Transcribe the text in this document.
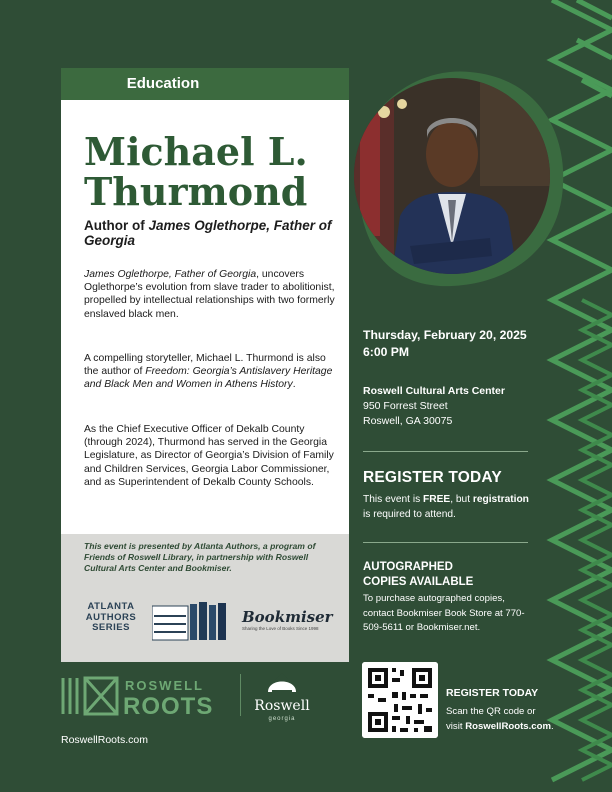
Education
Michael L.
Thurmond
Author of James Oglethorpe, Father of Georgia
James Oglethorpe, Father of Georgia, uncovers Oglethorpe’s evolution from slave trader to abolitionist, propelled by intellectual relationships with two formerly enslaved black men.
A compelling storyteller, Michael L. Thurmond is also the author of Freedom: Georgia’s Antislavery Heritage and Black Men and Women in Athens History.
As the Chief Executive Officer of Dekalb County (through 2024), Thurmond has served in the Georgia Legislature, as Director of Georgia’s Division of Family and Children Services, Georgia Labor Commissioner, and as Superintendent of Dekalb County Schools.
This event is presented by Atlanta Authors, a program of Friends of Roswell Library, in partnership with Roswell Cultural Arts Center and Bookmiser.
ATLANTA
AUTHORS
SERIES
Bookmiser
Sharing the Love of Books Since 1998
Thursday, February 20, 2025
6:00 PM
Roswell Cultural Arts Center
950 Forrest Street
Roswell, GA 30075
REGISTER TODAY
This event is FREE, but registration is required to attend.
AUTOGRAPHED
COPIES AVAILABLE
To purchase autographed copies, contact Bookmiser Book Store at 770-509-5611 or Bookmiser.net.
REGISTER TODAY
Scan the QR code or
visit RoswellRoots.com.
ROSWELL
ROOTS	Roswell
georgia
RoswellRoots.com
